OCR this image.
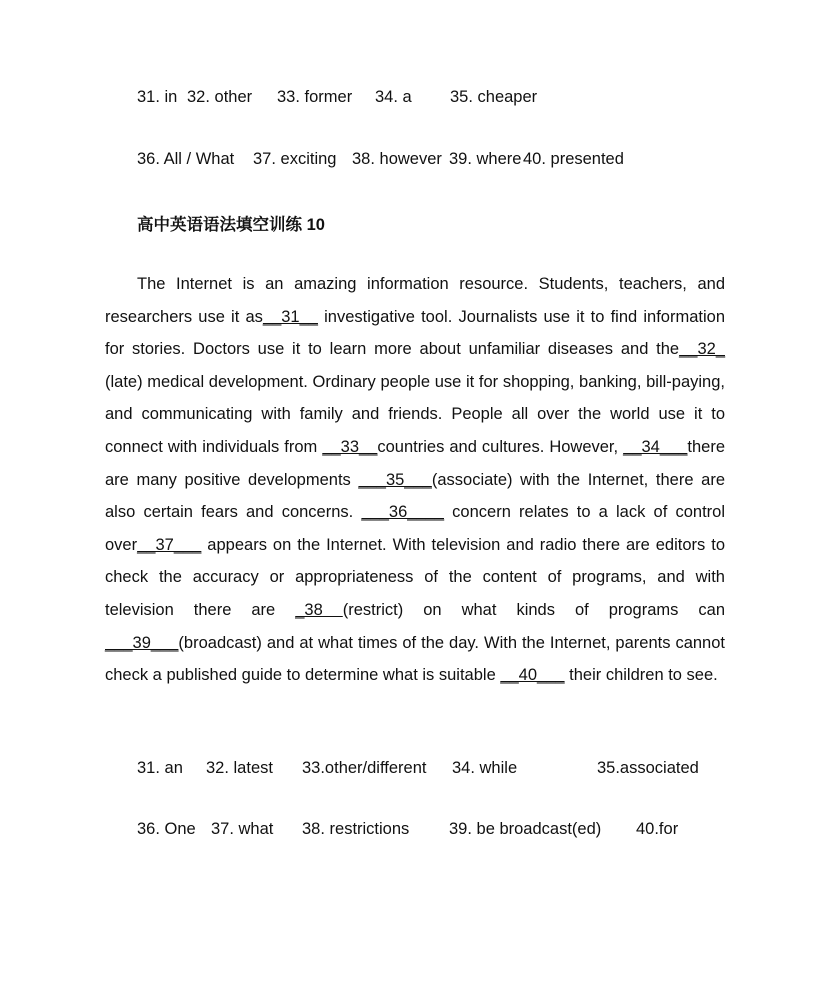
31. in

32. other

33. former

34. a

35. cheaper

36. All / What

37. exciting

38. however

39. where

40. presented

高中英语语法填空训练 10
The Internet is an amazing information resource. Students, teachers, and researchers use it as__31__ investigative tool. Journalists use it to find information for stories. Doctors use it to learn more about unfamiliar diseases and the__32_ (late) medical development. Ordinary people use it for shopping, banking, bill-paying, and communicating with family and friends. People all over the world use it to connect with individuals from __33__countries and cultures. However, __34___there are many positive developments ___35___(associate) with the Internet, there are also certain fears and concerns. ___36____ concern relates to a lack of control over__37___ appears on the Internet. With television and radio there are editors to check the accuracy or appropriateness of the content of programs, and with television there are _38 (restrict) on what kinds of programs can ___39___(broadcast) and at what times of the day. With the Internet, parents cannot check a published guide to determine what is suitable __40___ their children to see.

31. an

32. latest

33.other/different

34. while

	35.associated

36. One

37. what

38. restrictions

39. be broadcast(ed)

40.for
